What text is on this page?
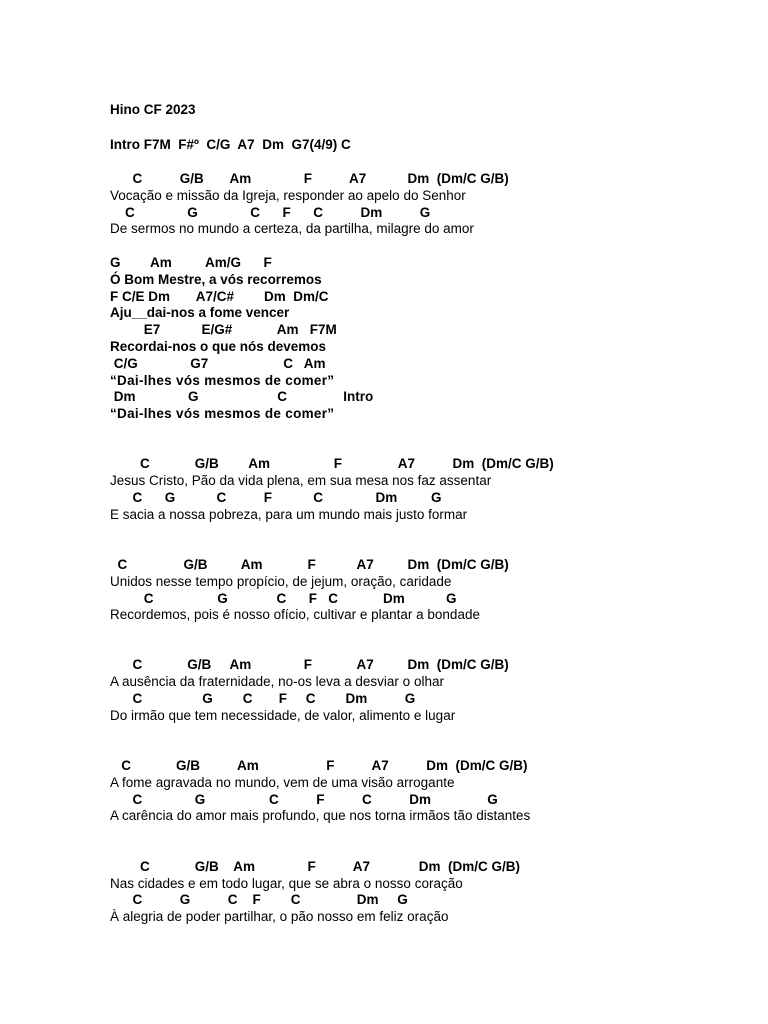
Hino CF 2023
Intro F7M  F#º  C/G  A7  Dm  G7(4/9) C
C          G/B       Am              F          A7           Dm  (Dm/C G/B)
Vocação e missão da Igreja, responder ao apelo do Senhor
C              G              C      F      C          Dm          G
De sermos no mundo a certeza, da partilha, milagre do amor
G        Am         Am/G      F
Ó Bom Mestre, a vós recorremos
F C/E Dm       A7/C#        Dm  Dm/C
Aju__dai-nos a fome vencer
E7           E/G#            Am   F7M
Recordai-nos o que nós devemos
C/G              G7                    C   Am
“Dai-lhes vós mesmos de comer”
Dm              G                     C               Intro
“Dai-lhes vós mesmos de comer”
C            G/B        Am                 F               A7          Dm  (Dm/C G/B)
Jesus Cristo, Pão da vida plena, em sua mesa nos faz assentar
C      G           C          F           C              Dm         G
E sacia a nossa pobreza, para um mundo mais justo formar
C               G/B         Am            F           A7         Dm  (Dm/C G/B)
Unidos nesse tempo propício, de jejum, oração, caridade
C                 G             C      F   C            Dm           G
Recordemos, pois é nosso ofício, cultivar e plantar a bondade
C            G/B     Am              F            A7         Dm  (Dm/C G/B)
A ausência da fraternidade, no-os leva a desviar o olhar
C                G        C       F     C        Dm          G
Do irmão que tem necessidade, de valor, alimento e lugar
C            G/B          Am                  F          A7          Dm  (Dm/C G/B)
A fome agravada no mundo, vem de uma visão arrogante
C              G                 C          F          C          Dm               G
A carência do amor mais profundo, que nos torna irmãos tão distantes
C            G/B    Am              F          A7             Dm  (Dm/C G/B)
Nas cidades e em todo lugar, que se abra o nosso coração
C          G          C    F        C               Dm     G
À alegria de poder partilhar, o pão nosso em feliz oração
